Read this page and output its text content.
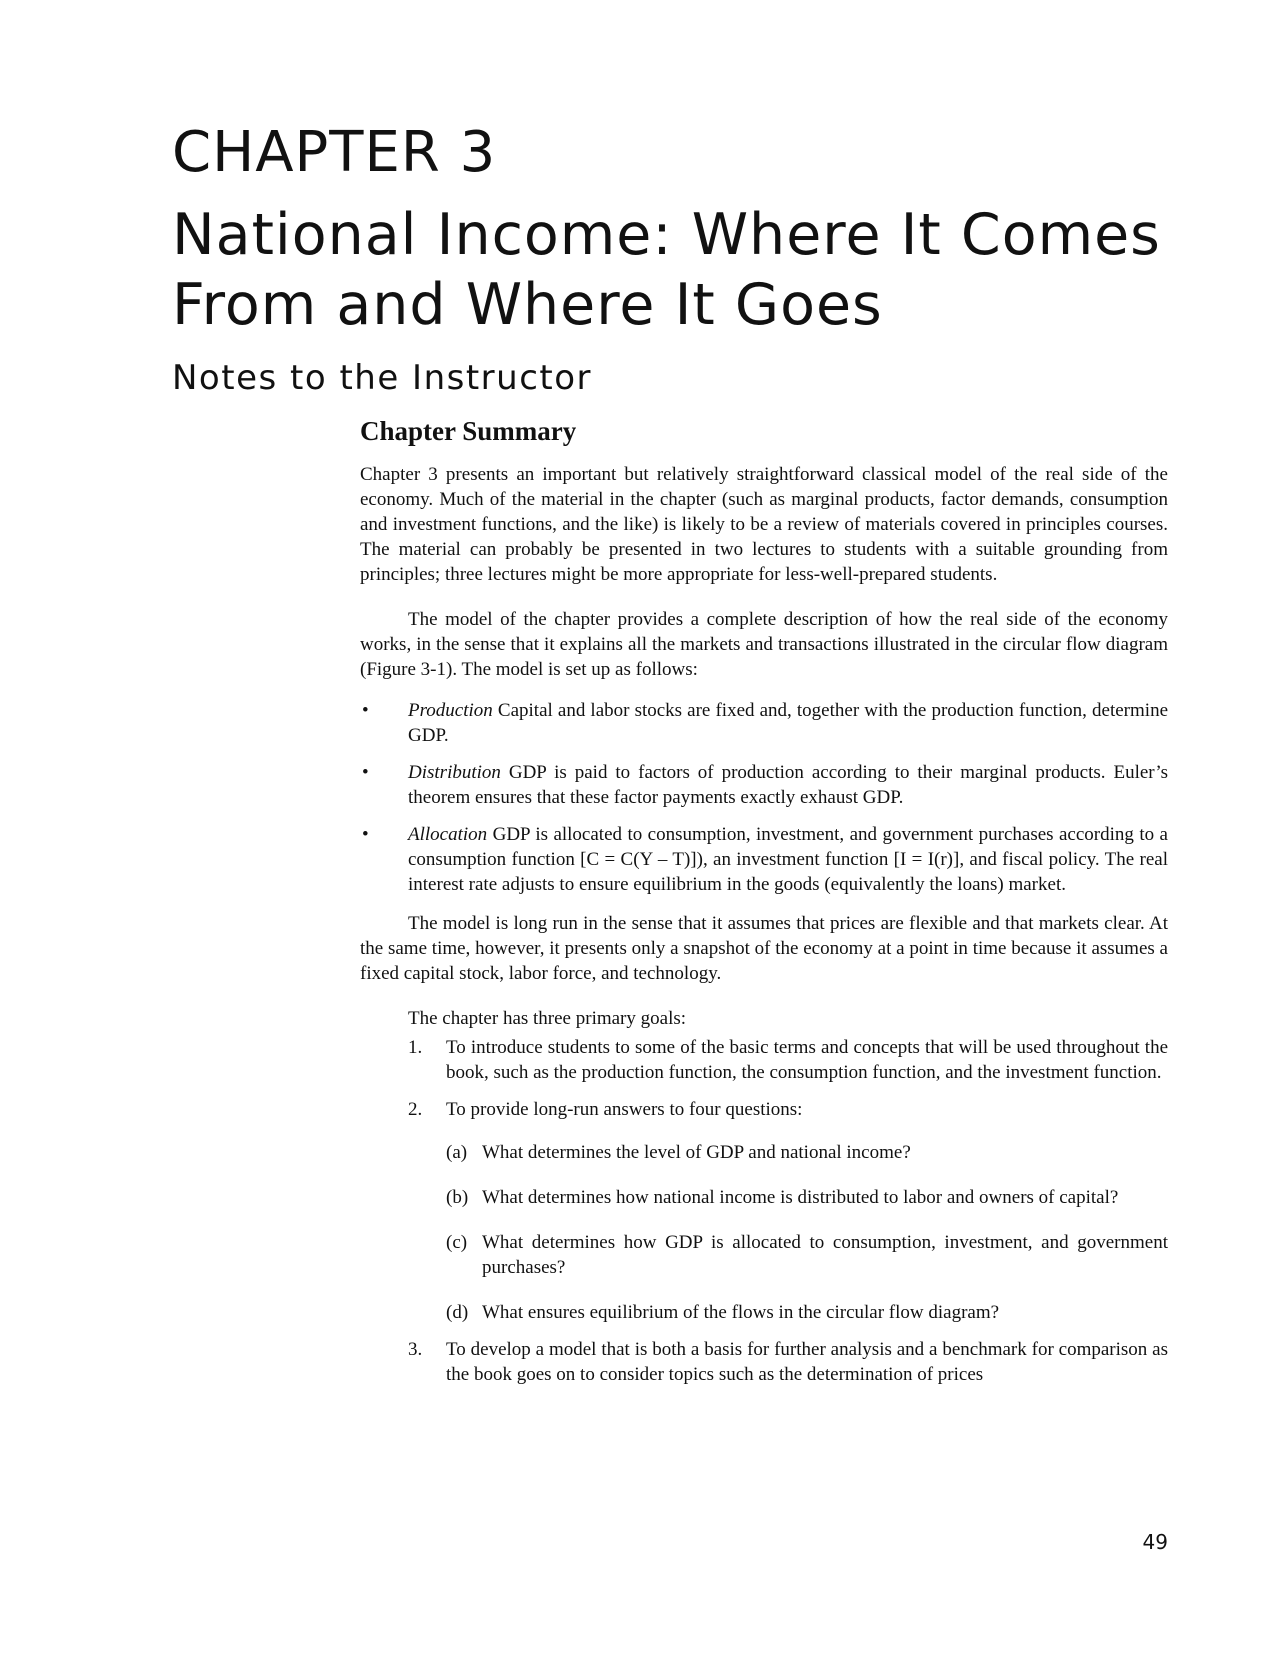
CHAPTER 3
National Income: Where It Comes From and Where It Goes
Notes to the Instructor
Chapter Summary

Chapter 3 presents an important but relatively straightforward classical model of the real side of the economy. Much of the material in the chapter (such as marginal products, factor demands, consumption and investment functions, and the like) is likely to be a review of materials covered in principles courses. The material can probably be presented in two lectures to students with a suitable grounding from principles; three lectures might be more appropriate for less-well-prepared students.

The model of the chapter provides a complete description of how the real side of the economy works, in the sense that it explains all the markets and transactions illustrated in the circular flow diagram (Figure 3-1). The model is set up as follows:

• Production Capital and labor stocks are fixed and, together with the production function, determine GDP.
• Distribution GDP is paid to factors of production according to their marginal products. Euler’s theorem ensures that these factor payments exactly exhaust GDP.
• Allocation GDP is allocated to consumption, investment, and government purchases according to a consumption function [C = C(Y – T)]), an investment function [I = I(r)], and fiscal policy. The real interest rate adjusts to ensure equilibrium in the goods (equivalently the loans) market.

The model is long run in the sense that it assumes that prices are flexible and that markets clear. At the same time, however, it presents only a snapshot of the economy at a point in time because it assumes a fixed capital stock, labor force, and technology.

The chapter has three primary goals:

1. To introduce students to some of the basic terms and concepts that will be used throughout the book, such as the production function, the consumption function, and the investment function.
2. To provide long-run answers to four questions:
(a) What determines the level of GDP and national income?
(b) What determines how national income is distributed to labor and owners of capital?
(c) What determines how GDP is allocated to consumption, investment, and government purchases?
(d) What ensures equilibrium of the flows in the circular flow diagram?
3. To develop a model that is both a basis for further analysis and a benchmark for comparison as the book goes on to consider topics such as the determination of prices
49
